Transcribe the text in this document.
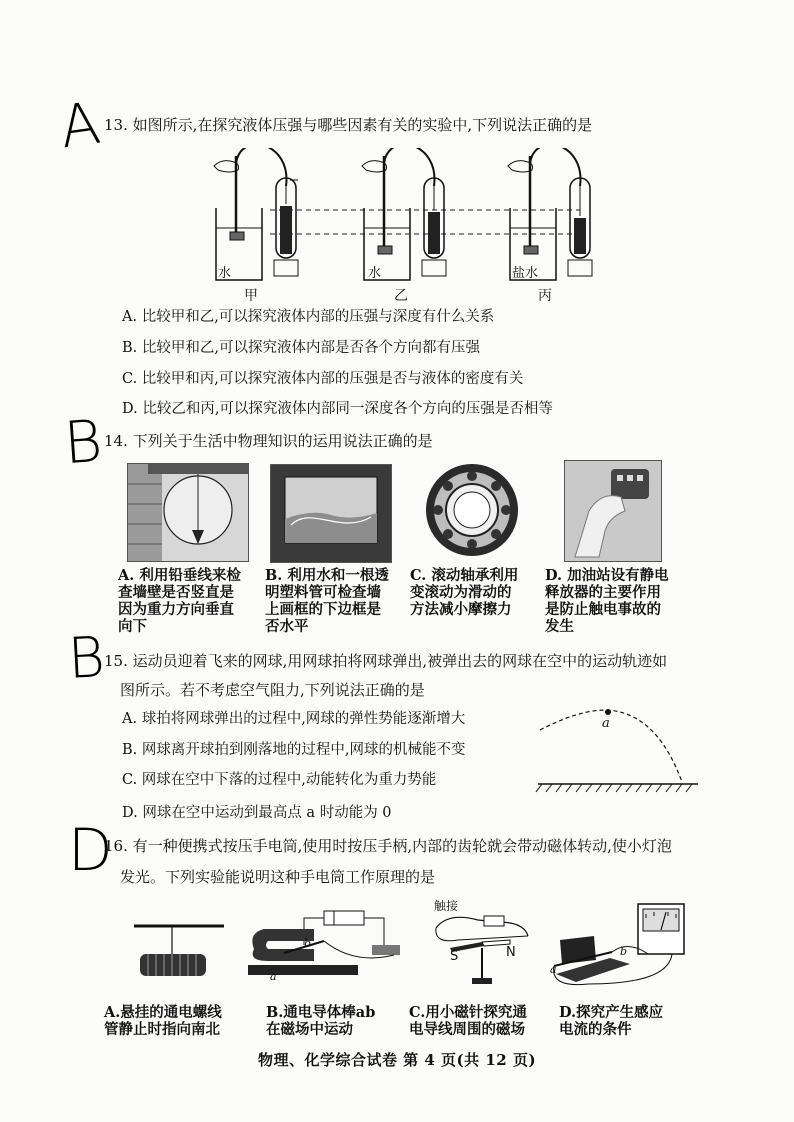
A 13. 如图所示,在探究液体压强与哪些因素有关的实验中,下列说法正确的是
水	水	盐水
甲	乙	丙
A. 比较甲和乙,可以探究液体内部的压强与深度有什么关系
B. 比较甲和乙,可以探究液体内部是否各个方向都有压强
C. 比较甲和丙,可以探究液体内部的压强是否与液体的密度有关
D. 比较乙和丙,可以探究液体内部同一深度各个方向的压强是否相等
B 14. 下列关于生活中物理知识的运用说法正确的是
A. 利用铅垂线来检
查墙壁是否竖直是
因为重力方向垂直
向下
B. 利用水和一根透
明塑料管可检查墙
上画框的下边框是
否水平
C. 滚动轴承利用
变滚动为滑动的
方法减小摩擦力
D. 加油站设有静电
释放器的主要作用
是防止触电事故的
发生
B
15. 运动员迎着飞来的网球,用网球拍将网球弹出,被弹出去的网球在空中的运动轨迹如
图所示。若不考虑空气阻力,下列说法正确的是
A. 球拍将网球弹出的过程中,网球的弹性势能逐渐增大
B. 网球离开球拍到刚落地的过程中,网球的机械能不变
C. 网球在空中下落的过程中,动能转化为重力势能
D. 网球在空中运动到最高点 a 时动能为 0
a
D
16. 有一种便携式按压手电筒,使用时按压手柄,内部的齿轮就会带动磁体转动,使小灯泡
发光。下列实验能说明这种手电筒工作原理的是
b
a
触接
S	N	b
a
A.悬挂的通电螺线
管静止时指向南北
B.通电导体棒ab
在磁场中运动
C.用小磁针探究通
电导线周围的磁场
D.探究产生感应
电流的条件
物理、化学综合试卷 第 4 页(共 12 页)
